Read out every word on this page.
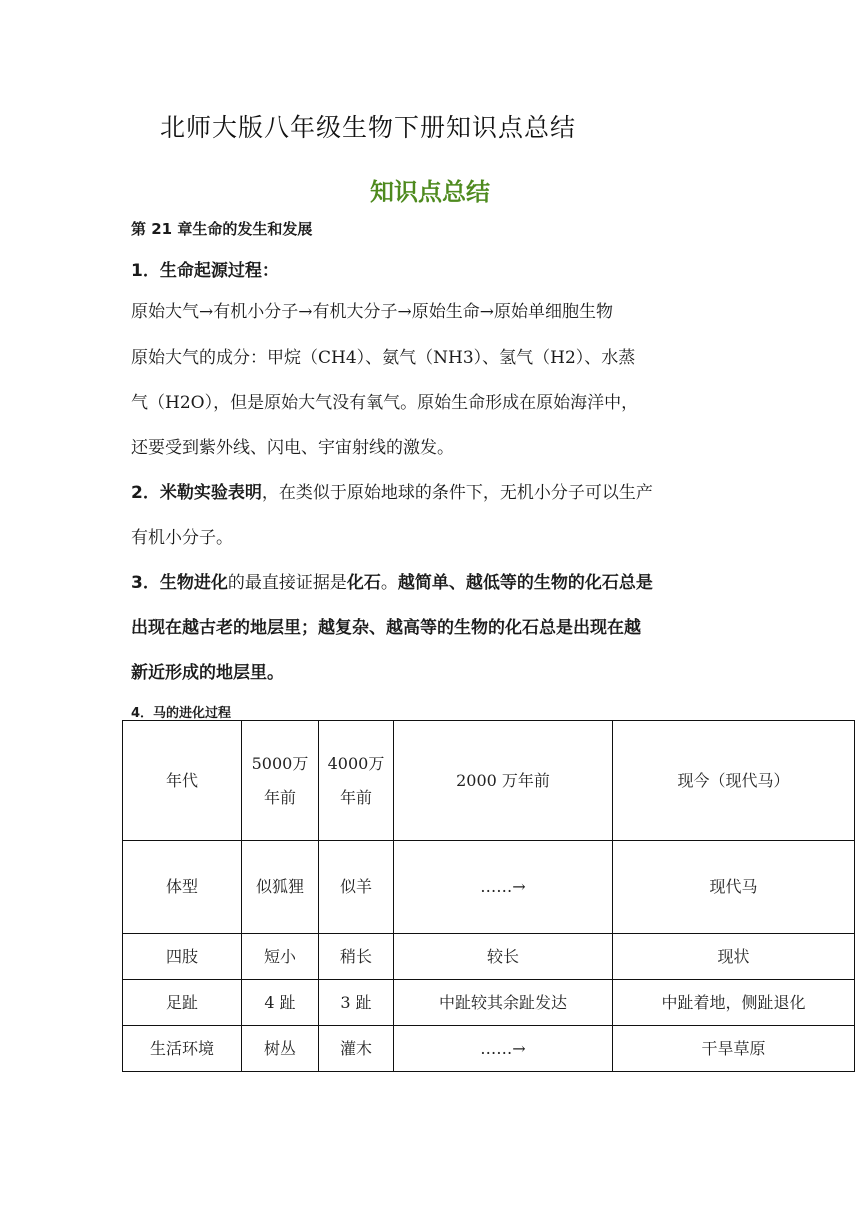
北师大版八年级生物下册知识点总结
知识点总结
第 21 章生命的发生和发展
1．生命起源过程：
原始大气→有机小分子→有机大分子→原始生命→原始单细胞生物
原始大气的成分：甲烷（CH4）、氨气（NH3）、氢气（H2）、水蒸
气（H2O），但是原始大气没有氧气。原始生命形成在原始海洋中，
还要受到紫外线、闪电、宇宙射线的激发。
2．米勒实验表明，在类似于原始地球的条件下，无机小分子可以生产
有机小分子。
3．生物进化的最直接证据是化石。越简单、越低等的生物的化石总是
出现在越古老的地层里；越复杂、越高等的生物的化石总是出现在越
新近形成的地层里。
4．马的进化过程
年代	5000万年前	4000万年前	2000 万年前	现今（现代马）
体型	似狐狸	似羊	……→	现代马
四肢	短小	稍长	较长	现状
足趾	4 趾	3 趾	中趾较其余趾发达	中趾着地，侧趾退化
生活环境	树丛	灌木	……→	干旱草原
